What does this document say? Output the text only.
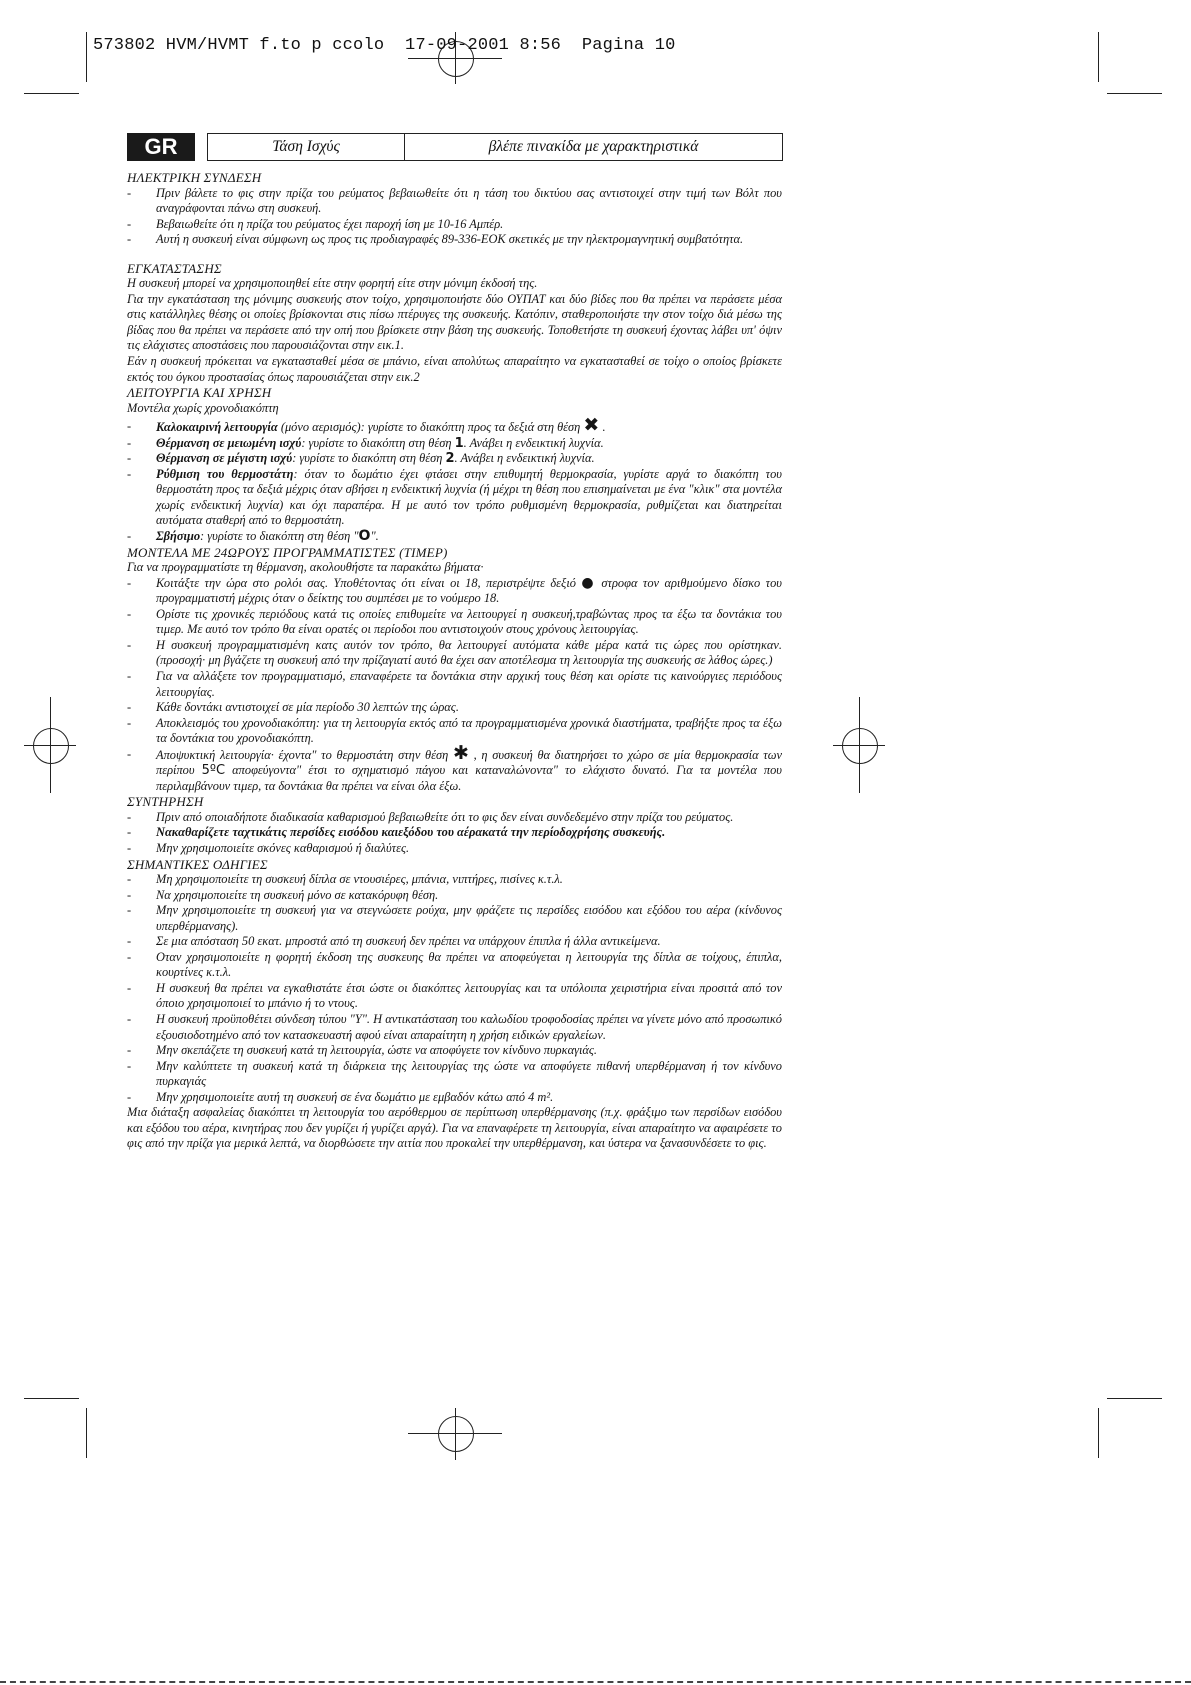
573802 HVM/HVMT f.to p ccolo  17-09-2001 8:56  Pagina 10
GR	Τάση Ισχύς	βλέπε πινακίδα με χαρακτηριστικά
ΗΛΕΚΤΡΙΚΗ ΣΥΝΔΕΣΗ
- Πριν βάλετε το φις στην πρίζα του ρεύματος βεβαιωθείτε ότι η τάση του δικτύου σας αντιστοιχεί στην τιμή των Βόλτ που αναγράφονται πάνω στη συσκευή.
- Βεβαιωθείτε ότι η πρίζα του ρεύματος έχει παροχή ίση με 10-16 Αμπέρ.
- Αυτή η συσκευή είναι σύμφωνη ως προς τις προδιαγραφές 89-336-ΕΟΚ σκετικές με την ηλεκτρομαγνητική συμβατότητα.
ΕΓΚΑΤΑΣΤΑΣΗΣ

Η συσκευή μπορεί να χρησιμοποιηθεί είτε στην φορητή είτε στην μόνιμη έκδοσή της.

Για την εγκατάσταση της μόνιμης συσκευής στον τοίχο, χρησιμοποιήστε δύο ΟΥΠΑΤ και δύο βίδες που θα πρέπει να περάσετε μέσα στις κατάλληλες θέσης οι οποίες βρίσκονται στις πίσω πτέρυγες της συσκευής. Κατόπιν, σταθεροποιήστε την στον τοίχο διά μέσω της βίδας που θα πρέπει να περάσετε από την οπή που βρίσκετε στην βάση της συσκευής. Τοποθετήστε τη συσκευή έχοντας λάβει υπ' όψιν τις ελάχιστες αποστάσεις που παρουσιάζονται στην εικ.1.

Εάν η συσκευή πρόκειται να εγκατασταθεί μέσα σε μπάνιο, είναι απολύτως απαραίτητο να εγκατασταθεί σε τοίχο ο οποίος βρίσκετε εκτός του όγκου προστασίας όπως παρουσιάζεται στην εικ.2

ΛΕΙΤΟΥΡΓΙΑ ΚΑΙ ΧΡΗΣΗ

Μοντέλα χωρίς χρονοδιακόπτη

- Καλοκαιρινή λειτουργία (μόνο αερισμός): γυρίστε το διακόπτη προς τα δεξιά στη θέση ✖ .
- Θέρμανση σε μειωμένη ισχύ: γυρίστε το διακόπτη στη θέση 1. Ανάβει η ενδεικτική λυχνία.
- Θέρμανση σε μέγιστη ισχύ: γυρίστε το διακόπτη στη θέση 2. Ανάβει η ενδεικτική λυχνία.
- Ρύθμιση του θερμοστάτη: όταν το δωμάτιο έχει φτάσει στην επιθυμητή θερμοκρασία, γυρίστε αργά το διακόπτη του θερμοστάτη προς τα δεξιά μέχρις όταν σβήσει η ενδεικτική λυχνία (ή μέχρι τη θέση που επισημαίνεται με ένα "κλικ" στα μοντέλα χωρίς ενδεικτική λυχνία) και όχι παραπέρα. Η με αυτό τον τρόπο ρυθμισμένη θερμοκρασία, ρυθμίζεται και διατηρείται αυτόματα σταθερή από το θερμοστάτη.
- Σβήσιμο: γυρίστε το διακόπτη στη θέση "O".
ΜΟΝΤΕΛΑ ΜΕ 24ΩΡΟΥΣ ΠΡΟΓΡΑΜΜΑΤΙΣΤΕΣ (ΤΙΜΕΡ)

Για να προγραμματίστε τη θέρμανση, ακολουθήστε τα παρακάτω βήματα·

- Κοιτάξτε την ώρα στο ρολόι σας. Υποθέτοντας ότι είναι οι 18, περιστρέψτε δεξιό ● στροφα τον αριθμούμενο δίσκο του προγραμματιστή μέχρις όταν ο δείκτης του συμπέσει με το νούμερο 18.
- Ορίστε τις χρονικές περιόδους κατά τις οποίες επιθυμείτε να λειτουργεί η συσκευή,τραβώντας προς τα έξω τα δοντάκια του τιμερ. Με αυτό τον τρόπο θα είναι ορατές οι περίοδοι που αντιστοιχούν στους χρόνους λειτουργίας.
- Η συσκευή προγραμματισμένη κατς αυτόν τον τρόπο, θα λειτουργεί αυτόματα κάθε μέρα κατά τις ώρες που ορίστηκαν. (προσοχή· μη βγάζετε τη συσκευή από την πρίζαγιατί αυτό θα έχει σαν αποτέλεσμα τη λειτουργία της συσκευής σε λάθος ώρες.)
- Για να αλλάξετε τον προγραμματισμό, επαναφέρετε τα δοντάκια στην αρχική τους θέση και ορίστε τις καινούργιες περιόδους λειτουργίας.
- Κάθε δοντάκι αντιστοιχεί σε μία περίοδο 30 λεπτών της ώρας.
- Αποκλεισμός του χρονοδιακόπτη: για τη λειτουργία εκτός από τα προγραμματισμένα χρονικά διαστήματα, τραβήξτε προς τα έξω τα δοντάκια του χρονοδιακόπτη.
- Αποψυκτική λειτουργία· έχοντα" το θερμοστάτη στην θέση ✱ , η συσκευή θα διατηρήσει το χώρο σε μία θερμοκρασία των περίπου 5ºC αποφεύγοντα" έτσι το σχηματισμό πάγου και καταναλώνοντα" το ελάχιστο δυνατό. Για τα μοντέλα που περιλαμβάνουν τιμερ, τα δοντάκια θα πρέπει να είναι όλα έξω.
ΣΥΝΤΗΡΗΣΗ
- Πριν από οποιαδήποτε διαδικασία καθαρισμού βεβαιωθείτε ότι το φις δεν είναι συνδεδεμένο στην πρίζα του ρεύματος.
- Νακαθαρίζετε ταχτικάτις περσίδες εισόδου καιεξόδου του αέρακατά την περίοδοχρήσης συσκευής.
- Μην χρησιμοποιείτε σκόνες καθαρισμού ή διαλύτες.
ΣΗΜΑΝΤΙΚΕΣ ΟΔΗΓΙΕΣ
- Μη χρησιμοποιείτε τη συσκευή δίπλα σε ντουσιέρες, μπάνια, νιπτήρες, πισίνες κ.τ.λ.
- Να χρησιμοποιείτε τη συσκευή μόνο σε κατακόρυφη θέση.
- Μην χρησιμοποιείτε τη συσκευή για να στεγνώσετε ρούχα, μην φράζετε τις περσίδες εισόδου και εξόδου του αέρα (κίνδυνος υπερθέρμανσης).
- Σε μια απόσταση 50 εκατ. μπροστά από τη συσκευή δεν πρέπει να υπάρχουν έπιπλα ή άλλα αντικείμενα.
- Οταν χρησιμοποιείτε η φορητή έκδοση της συσκευης θα πρέπει να αποφεύγεται η λειτουργία της δίπλα σε τοίχους, έπιπλα, κουρτίνες κ.τ.λ.
- Η συσκευή θα πρέπει να εγκαθιστάτε έτσι ώστε οι διακόπτες λειτουργίας και τα υπόλοιπα χειριστήρια είναι προσιτά από τον όποιο χρησιμοποιεί το μπάνιο ή το ντους.
- Η συσκευή προϋποθέτει σύνδεση τύπου "Υ". Η αντικατάσταση του καλωδίου τροφοδοσίας πρέπει να γίνετε μόνο από προσωπικό εξουσιοδοτημένο από τον κατασκευαστή αφού είναι απαραίτητη η χρήση ειδικών εργαλείων.
- Μην σκεπάζετε τη συσκευή κατά τη λειτουργία, ώστε να αποφύγετε τον κίνδυνο πυρκαγιάς.
- Μην καλύπτετε τη συσκευή κατά τη διάρκεια της λειτουργίας της ώστε να αποφύγετε πιθανή υπερθέρμανση ή τον κίνδυνο πυρκαγιάς
- Μην χρησιμοποιείτε αυτή τη συσκευή σε ένα δωμάτιο με εμβαδόν κάτω από 4 m².

Μια διάταξη ασφαλείας διακόπτει τη λειτουργία του αερόθερμου σε περίπτωση υπερθέρμανσης (π.χ. φράξιμο των περσίδων εισόδου και εξόδου του αέρα, κινητήρας που δεν γυρίζει ή γυρίζει αργά). Για να επαναφέρετε τη λειτουργία, είναι απαραίτητο να αφαιρέσετε το φις από την πρίζα για μερικά λεπτά, να διορθώσετε την αιτία που προκαλεί την υπερθέρμανση, και ύστερα να ξανασυνδέσετε το φις.
